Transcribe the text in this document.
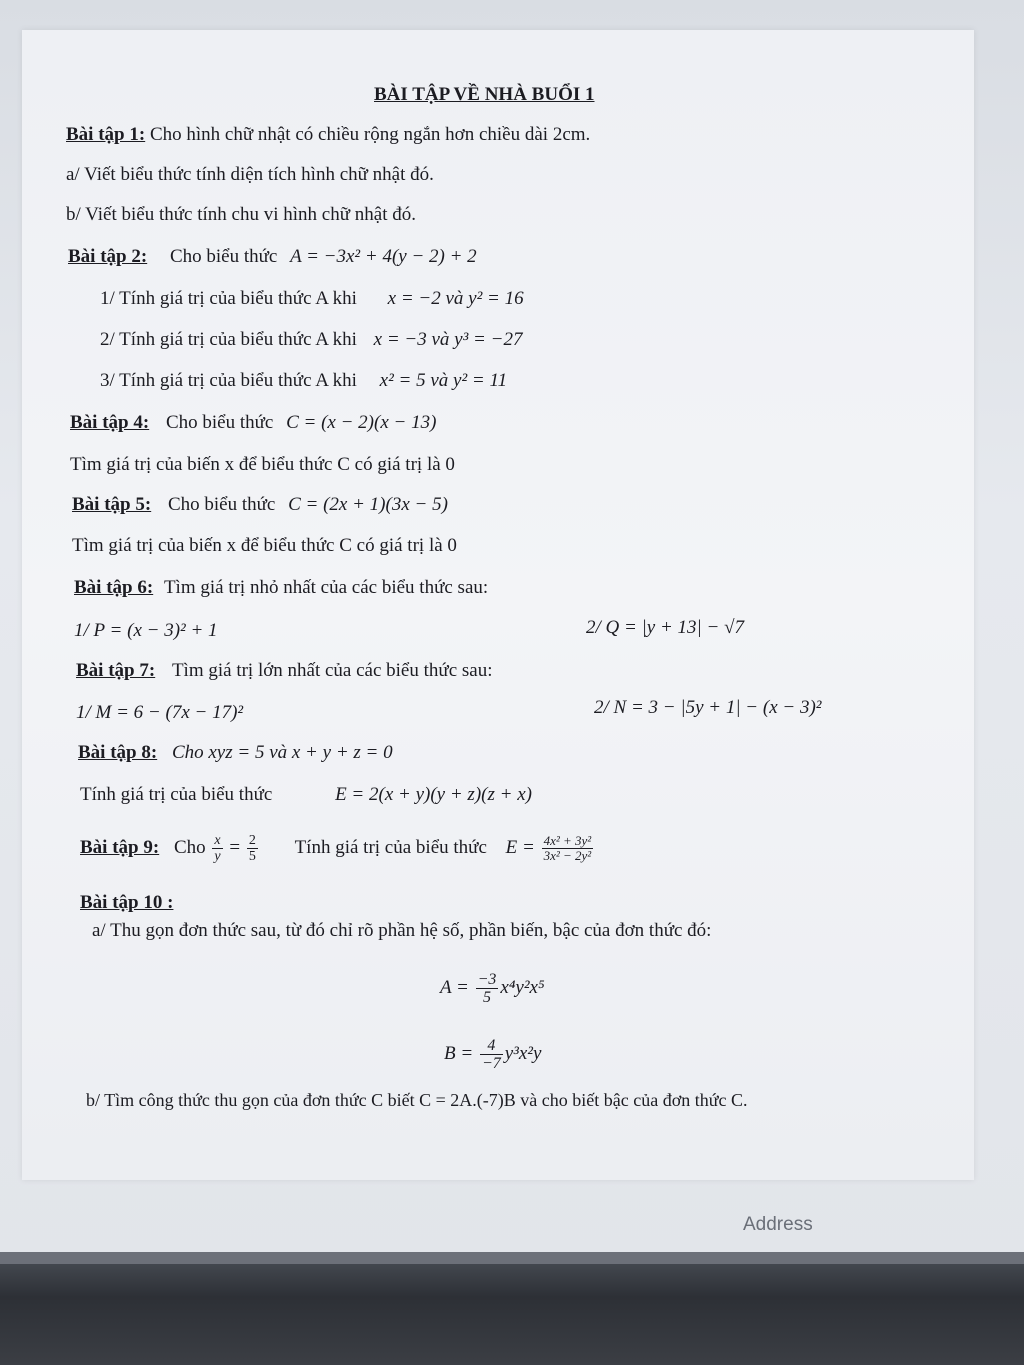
BÀI TẬP VỀ NHÀ BUỔI 1
Bài tập 1: Cho hình chữ nhật có chiều rộng ngắn hơn chiều dài 2cm.
a/ Viết biểu thức tính diện tích hình chữ nhật đó.
b/ Viết biểu thức tính chu vi hình chữ nhật đó.
Bài tập 2: Cho biểu thức A = −3x² + 4(y − 2) + 2
1/ Tính giá trị của biểu thức A khi x = −2 và y² = 16
2/ Tính giá trị của biểu thức A khi x = −3 và y³ = −27
3/ Tính giá trị của biểu thức A khi x² = 5 và y² = 11
Bài tập 4: Cho biểu thức C = (x − 2)(x − 13)
Tìm giá trị của biến x để biểu thức C có giá trị là 0
Bài tập 5: Cho biểu thức C = (2x + 1)(3x − 5)
Tìm giá trị của biến x để biểu thức C có giá trị là 0
Bài tập 6: Tìm giá trị nhỏ nhất của các biểu thức sau:
1/ P = (x − 3)² + 1	2/ Q = |y + 13| − √7
Bài tập 7: Tìm giá trị lớn nhất của các biểu thức sau:
1/ M = 6 − (7x − 17)²	2/ N = 3 − |5y + 1| − (x − 3)²
Bài tập 8: Cho xyz = 5 và x + y + z = 0
Tính giá trị của biểu thức	E = 2(x + y)(y + z)(z + x)
Bài tập 9: Cho $\frac{x}{y} = \frac{2}{5}$ Tính giá trị của biểu thức $E = \frac{\text{4x² + 3y²}}{\text{3x² − 2y²}}$
Bài tập 10 :
a/ Thu gọn đơn thức sau, từ đó chỉ rõ phần hệ số, phần biến, bậc của đơn thức đó:
$A = \frac{-3}{5} x^4y^2x^5$
$B = \frac{4}{-7} y^3x^2y$
b/ Tìm công thức thu gọn của đơn thức C biết C = 2A.(-7)B và cho biết bậc của đơn thức C.
Address
